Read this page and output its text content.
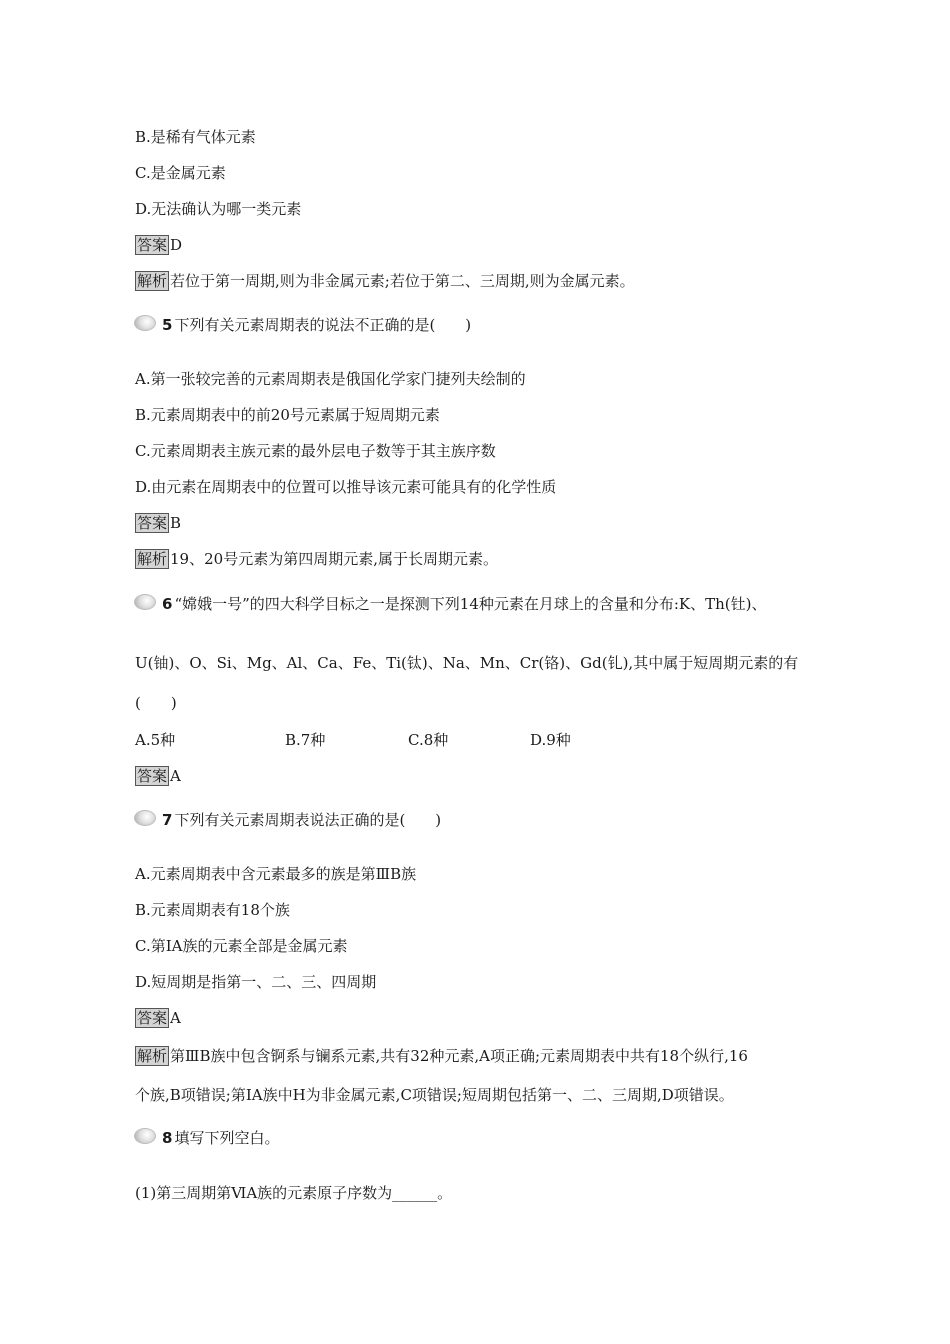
B.是稀有气体元素
C.是金属元素
D.无法确认为哪一类元素
答案 D
解析 若位于第一周期,则为非金属元素;若位于第二、三周期,则为金属元素。
5 下列有关元素周期表的说法不正确的是(　　)
A.第一张较完善的元素周期表是俄国化学家门捷列夫绘制的
B.元素周期表中的前20号元素属于短周期元素
C.元素周期表主族元素的最外层电子数等于其主族序数
D.由元素在周期表中的位置可以推导该元素可能具有的化学性质
答案 B
解析 19、20号元素为第四周期元素,属于长周期元素。
6 “嫦娥一号”的四大科学目标之一是探测下列14种元素在月球上的含量和分布:K、Th(钍)、
U(铀)、O、Si、Mg、Al、Ca、Fe、Ti(钛)、Na、Mn、Cr(铬)、Gd(钆),其中属于短周期元素的有
(　　)
A.5种	B.7种	C.8种	D.9种
答案 A
7 下列有关元素周期表说法正确的是(　　)
A.元素周期表中含元素最多的族是第ⅢB族
B.元素周期表有18个族
C.第ⅠA族的元素全部是金属元素
D.短周期是指第一、二、三、四周期
答案 A
解析 第ⅢB族中包含锕系与镧系元素,共有32种元素,A项正确;元素周期表中共有18个纵行,16
个族,B项错误;第ⅠA族中H为非金属元素,C项错误;短周期包括第一、二、三周期,D项错误。
8 填写下列空白。
(1)第三周期第ⅥA族的元素原子序数为______。
